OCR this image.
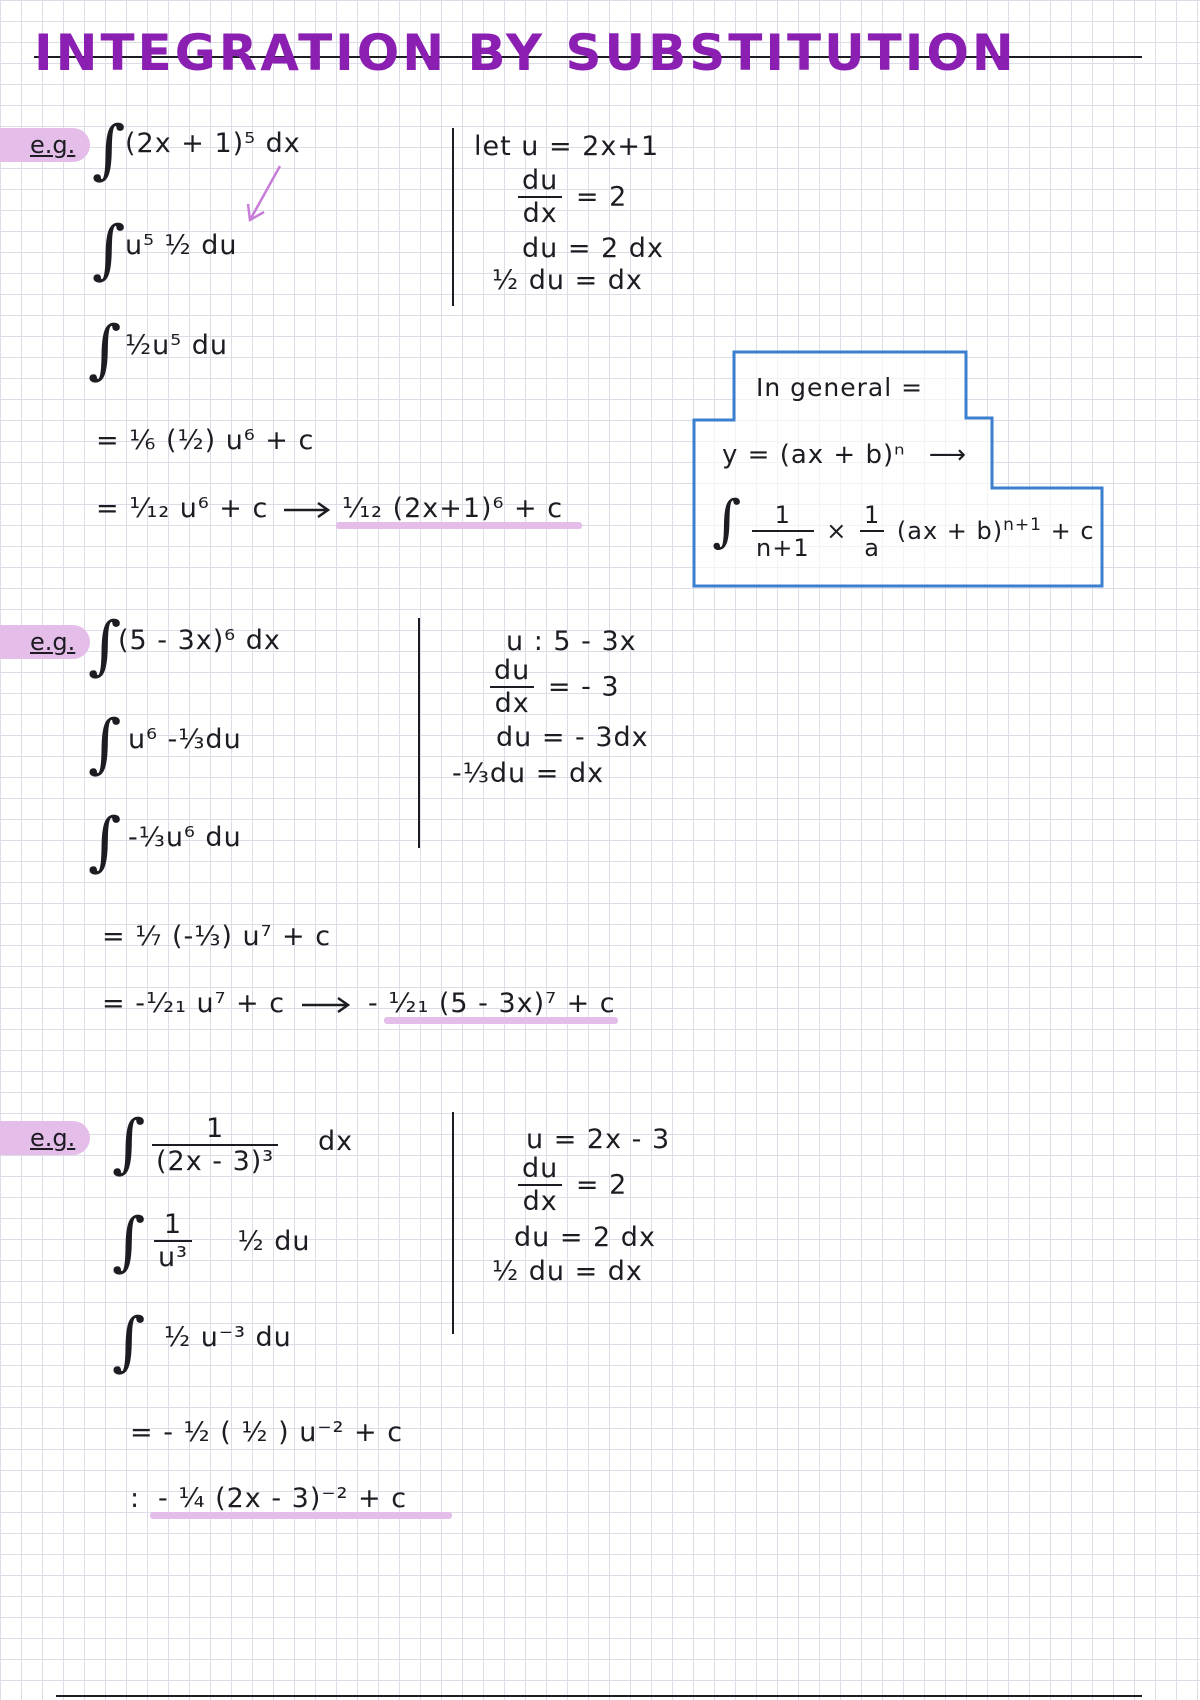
INTEGRATION BY SUBSTITUTION
e.g. ∫ (2x + 1)⁵ dx
∫ u⁵ ½ du
∫ ½u⁵ du
= ⅙ (½) u⁶ + c
= ¹⁄₁₂ u⁶ + c	¹⁄₁₂ (2x+1)⁶ + c
let u = 2x+1
$\frac{du}{dx} = 2$
du = 2 dx
½ du = dx
In general =
y = (ax + b)ⁿ ⟶
∫ $\frac{1}{n+1} \times \frac{1}{a} (ax + b)^{n+1} + c$
e.g. ∫
(5 - 3x)⁶ dx
∫ u⁶ -⅓du
∫ -⅓u⁶ du
= ⅐ (-⅓) u⁷ + c
= -¹⁄₂₁ u⁷ + c	- ¹⁄₂₁ (5 - 3x)⁷ + c
u : 5 - 3x
$\frac{du}{dx}$ = - 3
du = - 3dx
-⅓du = dx
e.g. ∫ $\frac{1}{\text{(2x - 3)³}}$ dx
∫ $\frac{1}{\text{u³}}$ ½ du
∫ ½ u⁻³ du
= - ½ ( ½ ) u⁻² + c
: - ¼ (2x - 3)⁻² + c
u = 2x - 3
$\frac{du}{dx} = 2$
du = 2 dx
½ du = dx
